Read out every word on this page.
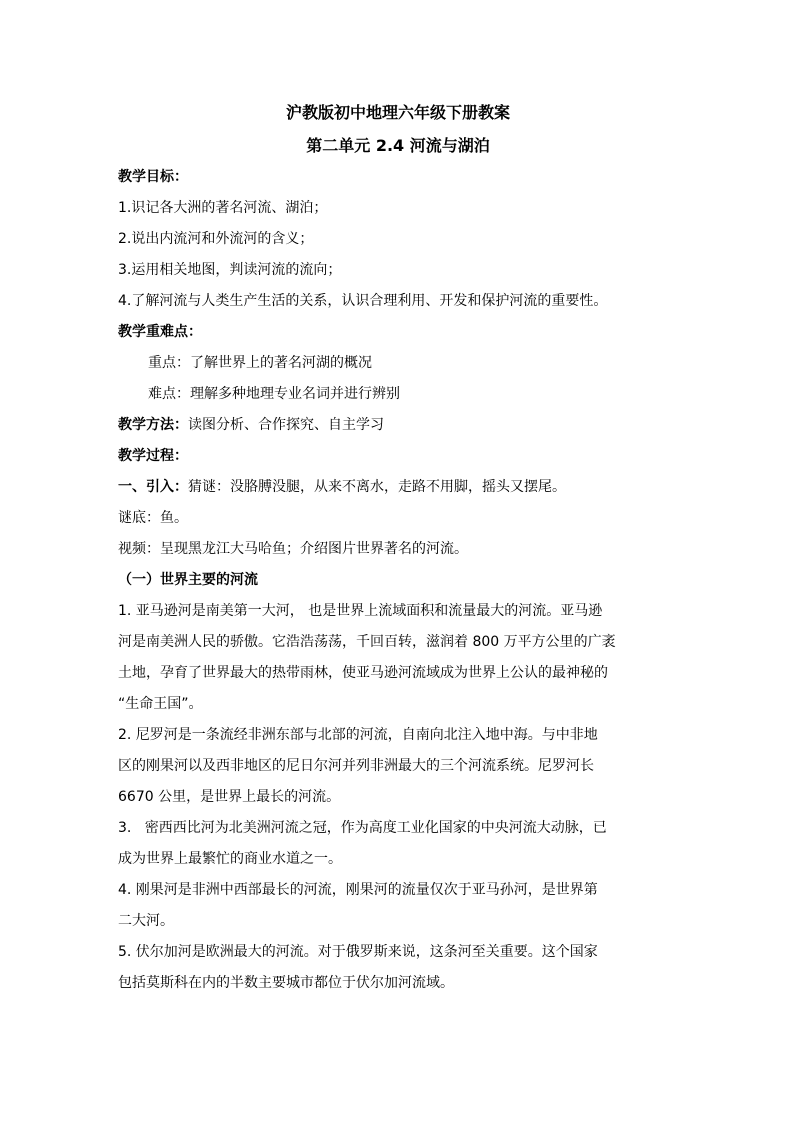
沪教版初中地理六年级下册教案
第二单元 2.4 河流与湖泊
教学目标：
1.识记各大洲的著名河流、湖泊；
2.说出内流河和外流河的含义；
3.运用相关地图，判读河流的流向；
4.了解河流与人类生产生活的关系，认识合理利用、开发和保护河流的重要性。
教学重难点：
重点：了解世界上的著名河湖的概况
难点：理解多种地理专业名词并进行辨别
教学方法：读图分析、合作探究、自主学习
教学过程：
一、引入：猜谜：没胳膊没腿，从来不离水，走路不用脚，摇头又摆尾。
谜底：鱼。
视频：呈现黑龙江大马哈鱼；介绍图片世界著名的河流。
（一）世界主要的河流
1. 亚马逊河是南美第一大河， 也是世界上流域面积和流量最大的河流。亚马逊
河是南美洲人民的骄傲。它浩浩荡荡，千回百转，滋润着 800 万平方公里的广袤
土地，孕育了世界最大的热带雨林，使亚马逊河流域成为世界上公认的最神秘的
“生命王国”。
2. 尼罗河是一条流经非洲东部与北部的河流，自南向北注入地中海。与中非地
区的刚果河以及西非地区的尼日尔河并列非洲最大的三个河流系统。尼罗河长
6670 公里，是世界上最长的河流。
3.   密西西比河为北美洲河流之冠，作为高度工业化国家的中央河流大动脉，已
成为世界上最繁忙的商业水道之一。
4. 刚果河是非洲中西部最长的河流，刚果河的流量仅次于亚马孙河，是世界第
二大河。
5. 伏尔加河是欧洲最大的河流。对于俄罗斯来说，这条河至关重要。这个国家
包括莫斯科在内的半数主要城市都位于伏尔加河流域。
